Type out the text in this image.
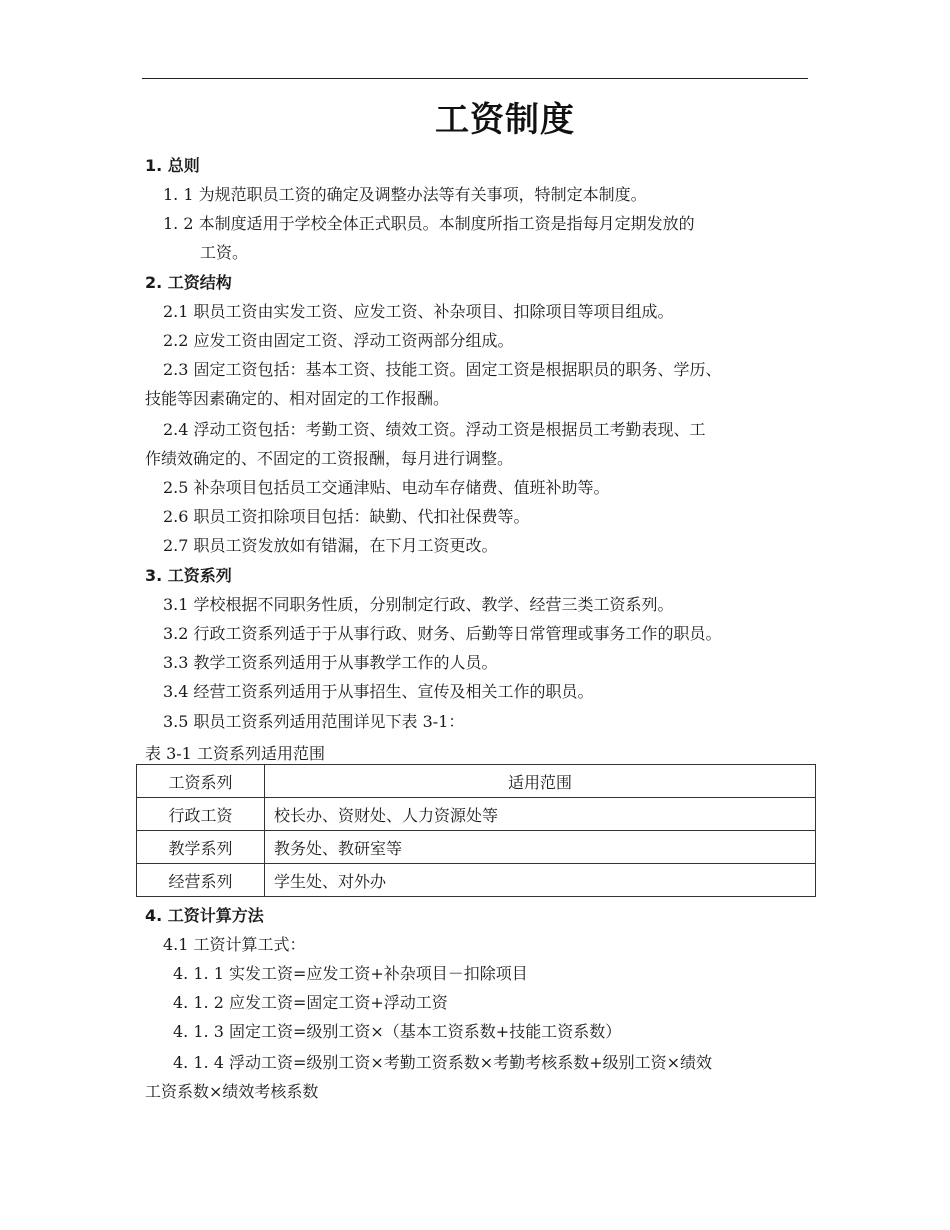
工资制度
1. 总则
1. 1 为规范职员工资的确定及调整办法等有关事项，特制定本制度。
1. 2 本制度适用于学校全体正式职员。本制度所指工资是指每月定期发放的
工资。
2. 工资结构
2.1 职员工资由实发工资、应发工资、补杂项目、扣除项目等项目组成。
2.2 应发工资由固定工资、浮动工资两部分组成。
2.3 固定工资包括：基本工资、技能工资。固定工资是根据职员的职务、学历、
技能等因素确定的、相对固定的工作报酬。
2.4 浮动工资包括：考勤工资、绩效工资。浮动工资是根据员工考勤表现、工
作绩效确定的、不固定的工资报酬，每月进行调整。
2.5 补杂项目包括员工交通津贴、电动车存储费、值班补助等。
2.6 职员工资扣除项目包括：缺勤、代扣社保费等。
2.7 职员工资发放如有错漏，在下月工资更改。
3. 工资系列
3.1 学校根据不同职务性质，分别制定行政、教学、经营三类工资系列。
3.2 行政工资系列适于于从事行政、财务、后勤等日常管理或事务工作的职员。
3.3 教学工资系列适用于从事教学工作的人员。
3.4 经营工资系列适用于从事招生、宣传及相关工作的职员。
3.5 职员工资系列适用范围详见下表 3-1：
表 3-1 工资系列适用范围
工资系列	适用范围
行政工资	校长办、资财处、人力资源处等
教学系列	教务处、教研室等
经营系列	学生处、对外办
4. 工资计算方法
4.1 工资计算工式：
4. 1. 1 实发工资=应发工资+补杂项目－扣除项目
4. 1. 2 应发工资=固定工资+浮动工资
4. 1. 3 固定工资=级别工资×（基本工资系数+技能工资系数）
4. 1. 4 浮动工资=级别工资×考勤工资系数×考勤考核系数+级别工资×绩效
工资系数×绩效考核系数
